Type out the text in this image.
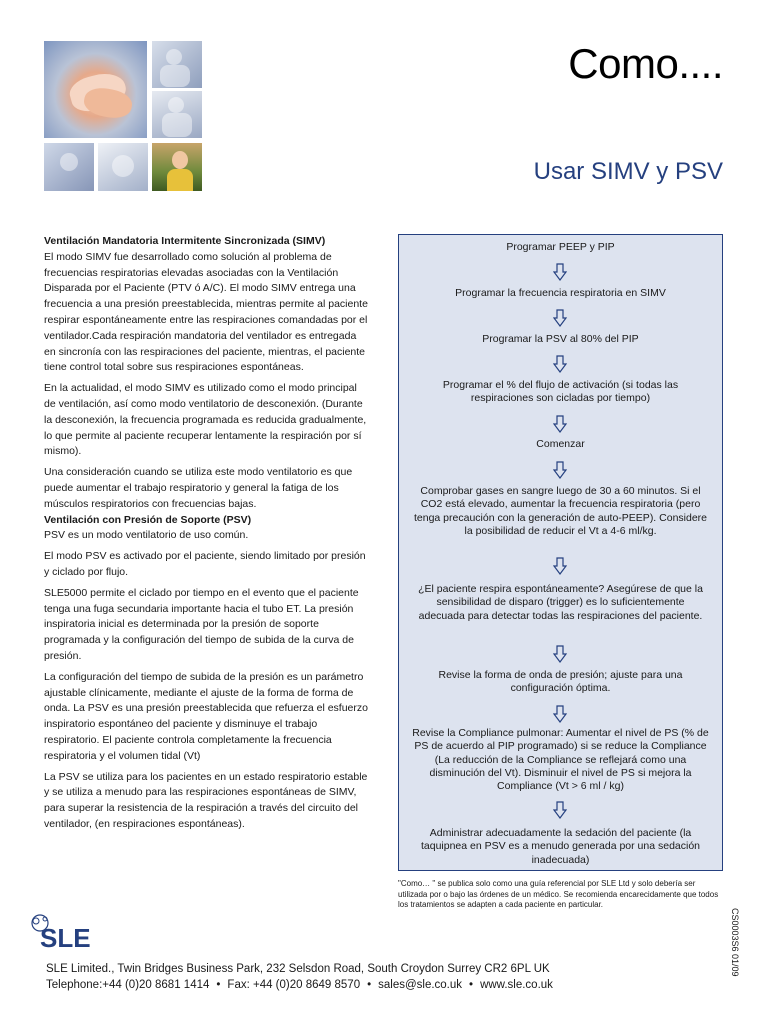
Como....
Usar SIMV y PSV
Ventilación Mandatoria Intermitente Sincronizada (SIMV)

El modo SIMV fue desarrollado como solución al problema de frecuencias respiratorias elevadas asociadas con la Ventilación Disparada por el Paciente (PTV ó A/C). El modo SIMV entrega una frecuencia a una presión preestablecida, mientras permite al paciente respirar espontáneamente entre las respiraciones comandadas por el ventilador.Cada respiración mandatoria del ventilador es entregada en sincronía con las respiraciones del paciente, mientras, el paciente tiene control total sobre sus respiraciones espontáneas.

En la actualidad, el modo SIMV es utilizado como el modo principal de ventilación, así como modo ventilatorio de desconexión. (Durante la desconexión, la frecuencia programada es reducida gradualmente, lo que permite al paciente recuperar lentamente la respiración por sí mismo).

Una consideración cuando se utiliza este modo ventilatorio es que puede aumentar el trabajo respiratorio y general la fatiga de los músculos respiratorios con frecuencias bajas.

Ventilación con Presión de Soporte (PSV)

PSV es un modo ventilatorio de uso común.

El modo PSV es activado por el paciente, siendo limitado por presión y ciclado por flujo.

SLE5000 permite el ciclado por tiempo en el evento que el paciente tenga una fuga secundaria importante hacia el tubo ET. La presión inspiratoria inicial es determinada por la presión de soporte programada y la configuración del tiempo de subida de la curva de presión.

La configuración del tiempo de subida de la presión es un parámetro ajustable clínicamente, mediante el ajuste de la forma de forma de onda. La PSV es una presión preestablecida que refuerza el esfuerzo inspiratorio espontáneo del paciente y disminuye el trabajo respiratorio. El paciente controla completamente la frecuencia respiratoria y el volumen tidal (Vt)

La PSV se utiliza para los pacientes en un estado respiratorio estable y se utiliza a menudo para las respiraciones espontáneas de SIMV, para superar la resistencia de la respiración a través del circuito del ventilador, (en respiraciones espontáneas).

Programar PEEP y PIP
Programar la frecuencia respiratoria en SIMV
Programar la PSV al 80% del PIP
Programar el % del flujo de activación (si todas las respiraciones son cicladas por tiempo)
Comenzar
Comprobar gases en sangre luego de 30 a 60 minutos. Si el CO2 está elevado, aumentar la frecuencia respiratoria (pero tenga precaución con la generación de auto-PEEP). Considere la posibilidad de reducir el Vt a 4-6 ml/kg.
¿El paciente respira espontáneamente? Asegúrese de que la sensibilidad de disparo (trigger) es lo suficientemente adecuada para detectar todas las respiraciones del paciente.
Revise la forma de onda de presión; ajuste para una configuración óptima.
Revise la Compliance pulmonar: Aumentar el nivel de PS (% de PS de acuerdo al PIP programado) si se reduce la Compliance (La reducción de la Compliance se reflejará como una disminución del Vt). Disminuir el nivel de PS si mejora la Compliance (Vt > 6 ml / kg)
Administrar adecuadamente la sedación del paciente (la taquipnea en PSV es a menudo generada por una sedación inadecuada)
"Como… " se publica solo como una guía referencial por SLE Ltd y solo debería ser utilizada por o bajo las órdenes de un médico. Se recomienda encarecidamente que todos los tratamientos se adapten a cada paciente en particular.
CS0003S6 01/09
SLE
SLE Limited., Twin Bridges Business Park, 232 Selsdon Road, South Croydon Surrey CR2 6PL UK
Telephone:+44 (0)20 8681 1414 • Fax: +44 (0)20 8649 8570 • sales@sle.co.uk • www.sle.co.uk
